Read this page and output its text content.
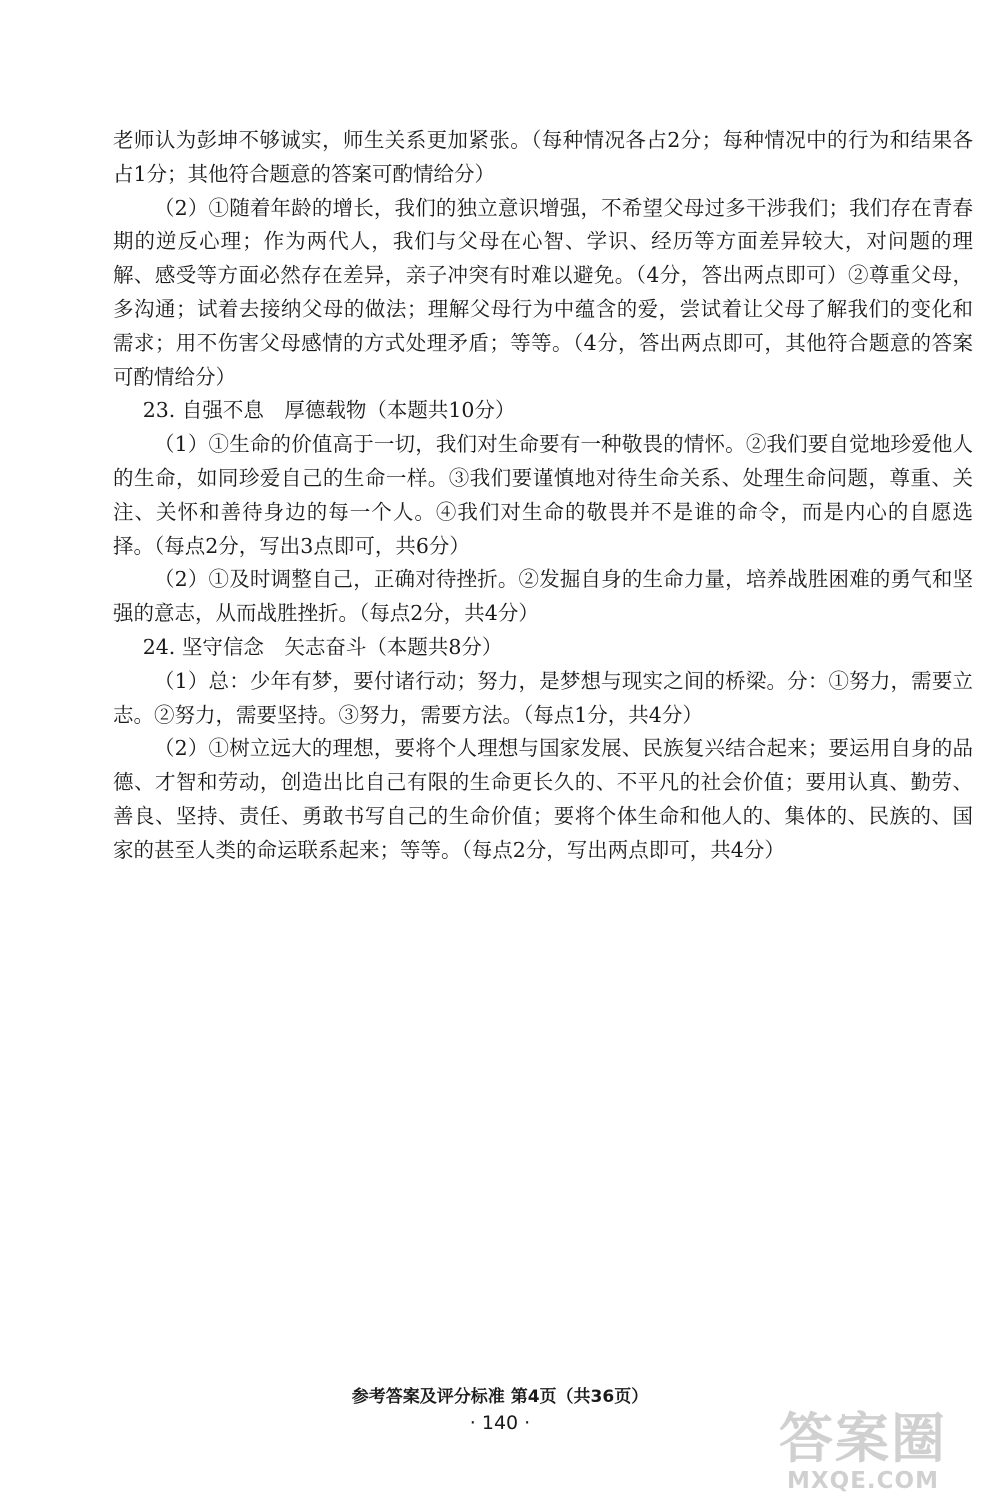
老师认为彭坤不够诚实，师生关系更加紧张。（每种情况各占2分；每种情况中的行为和结果各占1分；其他符合题意的答案可酌情给分）

（2）①随着年龄的增长，我们的独立意识增强，不希望父母过多干涉我们；我们存在青春期的逆反心理；作为两代人，我们与父母在心智、学识、经历等方面差异较大，对问题的理解、感受等方面必然存在差异，亲子冲突有时难以避免。（4分，答出两点即可）②尊重父母，多沟通；试着去接纳父母的做法；理解父母行为中蕴含的爱，尝试着让父母了解我们的变化和需求；用不伤害父母感情的方式处理矛盾；等等。（4分，答出两点即可，其他符合题意的答案可酌情给分）

23. 自强不息　厚德载物（本题共10分）

（1）①生命的价值高于一切，我们对生命要有一种敬畏的情怀。②我们要自觉地珍爱他人的生命，如同珍爱自己的生命一样。③我们要谨慎地对待生命关系、处理生命问题，尊重、关注、关怀和善待身边的每一个人。④我们对生命的敬畏并不是谁的命令，而是内心的自愿选择。（每点2分，写出3点即可，共6分）

（2）①及时调整自己，正确对待挫折。②发掘自身的生命力量，培养战胜困难的勇气和坚强的意志，从而战胜挫折。（每点2分，共4分）

24. 坚守信念　矢志奋斗（本题共8分）

（1）总：少年有梦，要付诸行动；努力，是梦想与现实之间的桥梁。分：①努力，需要立志。②努力，需要坚持。③努力，需要方法。（每点1分，共4分）

（2）①树立远大的理想，要将个人理想与国家发展、民族复兴结合起来；要运用自身的品德、才智和劳动，创造出比自己有限的生命更长久的、不平凡的社会价值；要用认真、勤劳、善良、坚持、责任、勇敢书写自己的生命价值；要将个体生命和他人的、集体的、民族的、国家的甚至人类的命运联系起来；等等。（每点2分，写出两点即可，共4分）

参考答案及评分标准 第4页（共36页）
· 140 ·	答案圈
MXQE.COM
